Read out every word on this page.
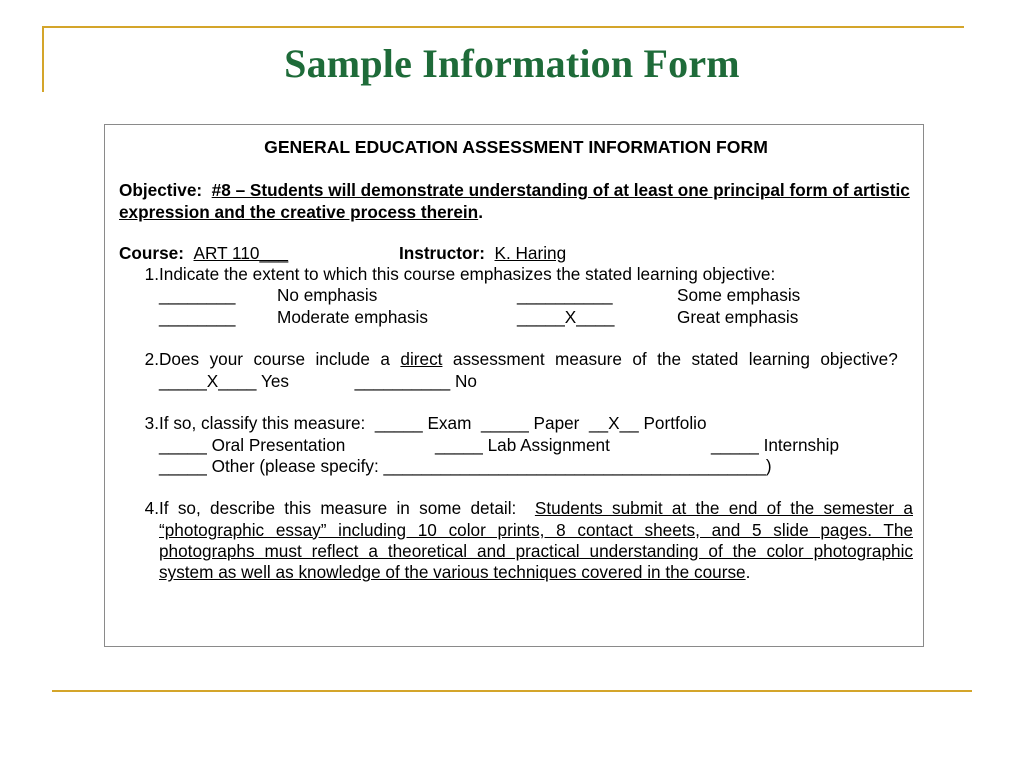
Sample Information Form
GENERAL EDUCATION ASSESSMENT INFORMATION FORM
Objective: #8 – Students will demonstrate understanding of at least one principal form of artistic expression and the creative process therein.
Course: ART 110___	Instructor: K. Haring
1. Indicate the extent to which this course emphasizes the stated learning objective:
________	No emphasis	__________	Some emphasis
________	Moderate emphasis	_____X____	Great emphasis
2. Does your course include a direct assessment measure of the stated learning objective?   _____X____ Yes	__________ No
3. If so, classify this measure: _____ Exam _____ Paper __X__ Portfolio
_____ Oral Presentation	_____ Lab Assignment	_____ Internship
_____ Other (please specify: ________________________________________)
4. If so, describe this measure in some detail: Students submit at the end of the semester a “photographic essay” including 10 color prints, 8 contact sheets, and 5 slide pages. The photographs must reflect a theoretical and practical understanding of the color photographic system as well as knowledge of the various techniques covered in the course.
